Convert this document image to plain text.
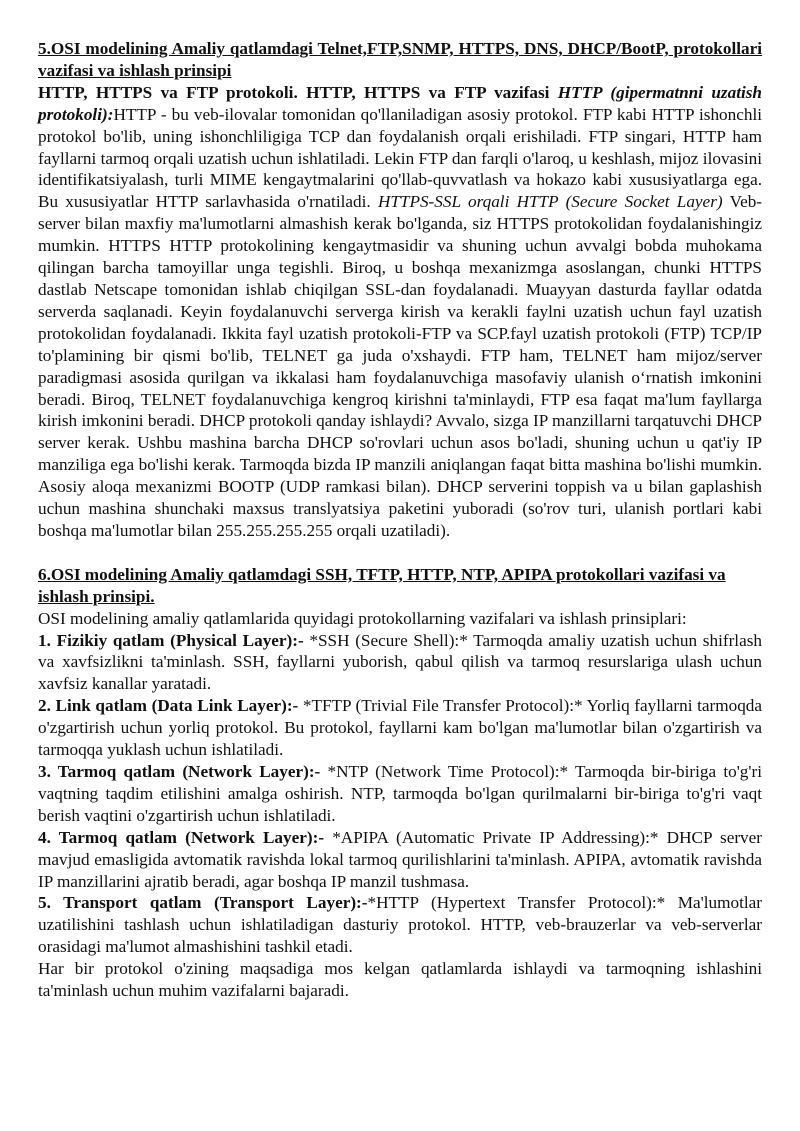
5.OSI modelining Amaliy qatlamdagi Telnet,FTP,SNMP, HTTPS, DNS, DHCP/BootP, protokollari vazifasi va ishlash prinsipi

HTTP, HTTPS va FTP protokoli. HTTP, HTTPS va FTP vazifasi HTTP (gipermatnni uzatish protokoli):HTTP - bu veb-ilovalar tomonidan qo'llaniladigan asosiy protokol. FTP kabi HTTP ishonchli protokol bo'lib, uning ishonchliligiga TCP dan foydalanish orqali erishiladi. FTP singari, HTTP ham fayllarni tarmoq orqali uzatish uchun ishlatiladi. Lekin FTP dan farqli o'laroq, u keshlash, mijoz ilovasini identifikatsiyalash, turli MIME kengaytmalarini qo'llab-quvvatlash va hokazo kabi xususiyatlarga ega. Bu xususiyatlar HTTP sarlavhasida o'rnatiladi. HTTPS-SSL orqali HTTP (Secure Socket Layer) Veb-server bilan maxfiy ma'lumotlarni almashish kerak bo'lganda, siz HTTPS protokolidan foydalanishingiz mumkin. HTTPS HTTP protokolining kengaytmasidir va shuning uchun avvalgi bobda muhokama qilingan barcha tamoyillar unga tegishli. Biroq, u boshqa mexanizmga asoslangan, chunki HTTPS dastlab Netscape tomonidan ishlab chiqilgan SSL-dan foydalanadi. Muayyan dasturda fayllar odatda serverda saqlanadi. Keyin foydalanuvchi serverga kirish va kerakli faylni uzatish uchun fayl uzatish protokolidan foydalanadi. Ikkita fayl uzatish protokoli-FTP va SCP.fayl uzatish protokoli (FTP) TCP/IP to'plamining bir qismi bo'lib, TELNET ga juda o'xshaydi. FTP ham, TELNET ham mijoz/server paradigmasi asosida qurilgan va ikkalasi ham foydalanuvchiga masofaviy ulanish o‘rnatish imkonini beradi. Biroq, TELNET foydalanuvchiga kengroq kirishni ta'minlaydi, FTP esa faqat ma'lum fayllarga kirish imkonini beradi. DHCP protokoli qanday ishlaydi? Avvalo, sizga IP manzillarni tarqatuvchi DHCP server kerak. Ushbu mashina barcha DHCP so'rovlari uchun asos bo'ladi, shuning uchun u qat'iy IP manziliga ega bo'lishi kerak. Tarmoqda bizda IP manzili aniqlangan faqat bitta mashina bo'lishi mumkin. Asosiy aloqa mexanizmi BOOTP (UDP ramkasi bilan). DHCP serverini toppish va u bilan gaplashish uchun mashina shunchaki maxsus translyatsiya paketini yuboradi (so'rov turi, ulanish portlari kabi boshqa ma'lumotlar bilan 255.255.255.255 orqali uzatiladi).

6.OSI modelining Amaliy qatlamdagi SSH, TFTP, HTTP, NTP, APIPA protokollari vazifasi va ishlash prinsipi.

OSI modelining amaliy qatlamlarida quyidagi protokollarning vazifalari va ishlash prinsiplari:

1. Fizikiy qatlam (Physical Layer):- *SSH (Secure Shell):* Tarmoqda amaliy uzatish uchun shifrlash va xavfsizlikni ta'minlash. SSH, fayllarni yuborish, qabul qilish va tarmoq resurslariga ulash uchun xavfsiz kanallar yaratadi.

2. Link qatlam (Data Link Layer):- *TFTP (Trivial File Transfer Protocol):* Yorliq fayllarni tarmoqda o'zgartirish uchun yorliq protokol. Bu protokol, fayllarni kam bo'lgan ma'lumotlar bilan o'zgartirish va tarmoqqa yuklash uchun ishlatiladi.

3. Tarmoq qatlam (Network Layer):- *NTP (Network Time Protocol):* Tarmoqda bir-biriga to'g'ri vaqtning taqdim etilishini amalga oshirish. NTP, tarmoqda bo'lgan qurilmalarni bir-biriga to'g'ri vaqt berish vaqtini o'zgartirish uchun ishlatiladi.

4. Tarmoq qatlam (Network Layer):- *APIPA (Automatic Private IP Addressing):* DHCP server mavjud emasligida avtomatik ravishda lokal tarmoq qurilishlarini ta'minlash. APIPA, avtomatik ravishda IP manzillarini ajratib beradi, agar boshqa IP manzil tushmasa.

5. Transport qatlam (Transport Layer):-*HTTP (Hypertext Transfer Protocol):* Ma'lumotlar uzatilishini tashlash uchun ishlatiladigan dasturiy protokol. HTTP, veb-brauzerlar va veb-serverlar orasidagi ma'lumot almashishini tashkil etadi.

Har bir protokol o'zining maqsadiga mos kelgan qatlamlarda ishlaydi va tarmoqning ishlashini ta'minlash uchun muhim vazifalarni bajaradi.
